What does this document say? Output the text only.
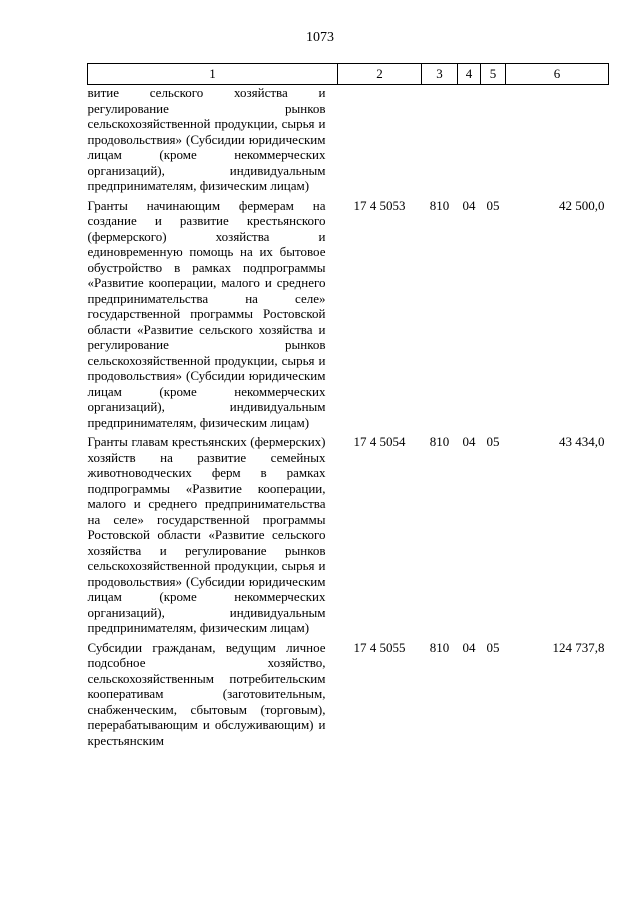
1073
1	2	3	4	5	6
витие сельского хозяйства и регулирование рынков сельскохозяйственной продукции, сырья и продовольствия» (Субсидии юридическим лицам (кроме некоммерческих организаций), индивидуальным предпринимателям, физическим лицам)					
Гранты начинающим фермерам на создание и развитие крестьянского (фермерского) хозяйства и единовременную помощь на их бытовое обустройство в рамках подпрограммы «Развитие кооперации, малого и среднего предпринимательства на селе» государственной программы Ростовской области «Развитие сельского хозяйства и регулирование рынков сельскохозяйственной продукции, сырья и продовольствия» (Субсидии юридическим лицам (кроме некоммерческих организаций), индивидуальным предпринимателям, физическим лицам)	17 4 5053	810	04	05	42 500,0
Гранты главам крестьянских (фермерских) хозяйств на развитие семейных животноводческих ферм в рамках подпрограммы «Развитие кооперации, малого и среднего предпринимательства на селе» государственной программы Ростовской области «Развитие сельского хозяйства и регулирование рынков сельскохозяйственной продукции, сырья и продовольствия» (Субсидии юридическим лицам (кроме некоммерческих организаций), индивидуальным предпринимателям, физическим лицам)	17 4 5054	810	04	05	43 434,0
Субсидии гражданам, ведущим личное подсобное хозяйство, сельскохозяйственным потребительским кооперативам (заготовительным, снабженческим, сбытовым (торговым), перерабатывающим и обслуживающим) и крестьянским	17 4 5055	810	04	05	124 737,8
